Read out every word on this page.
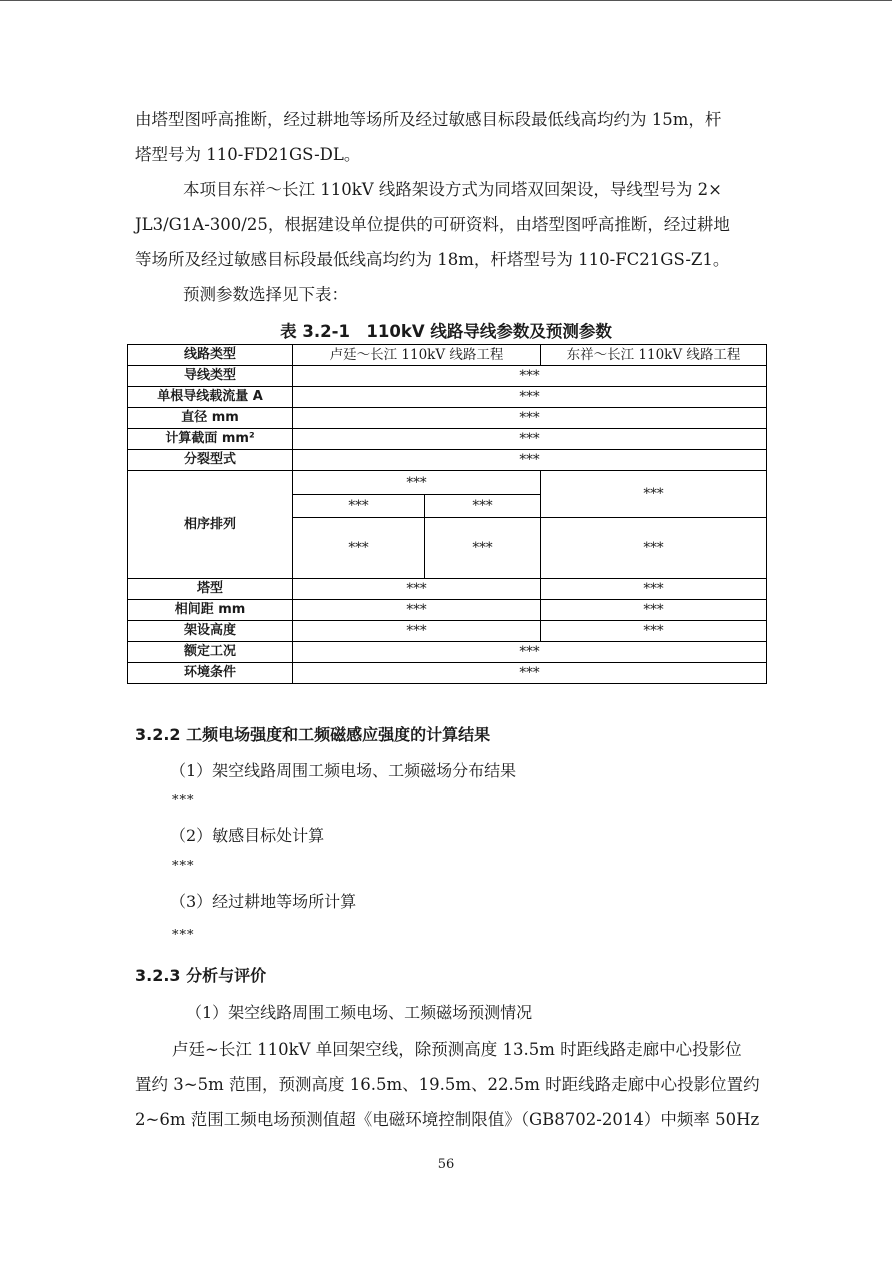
由塔型图呼高推断，经过耕地等场所及经过敏感目标段最低线高均约为 15m，杆
塔型号为 110-FD21GS-DL。
本项目东祥～长江 110kV 线路架设方式为同塔双回架设，导线型号为 2×
JL3/G1A-300/25，根据建设单位提供的可研资料，由塔型图呼高推断，经过耕地
等场所及经过敏感目标段最低线高均约为 18m，杆塔型号为 110-FC21GS-Z1。
预测参数选择见下表：
表 3.2-1　110kV 线路导线参数及预测参数
线路类型	卢廷～长江 110kV 线路工程		东祥～长江 110kV 线路工程
导线类型	***		
单根导线载流量 A	***		
直径 mm	***		
计算截面 mm²	***		
分裂型式	***		
相序排列	***		***
	***	***	
	***	***	***
塔型	***		***
相间距 mm	***		***
架设高度	***		***
额定工况	***		
环境条件	***		
3.2.2 工频电场强度和工频磁感应强度的计算结果
（1）架空线路周围工频电场、工频磁场分布结果
***
（2）敏感目标处计算
***
（3）经过耕地等场所计算
***
3.2.3 分析与评价
（1）架空线路周围工频电场、工频磁场预测情况
卢廷~长江 110kV 单回架空线，除预测高度 13.5m 时距线路走廊中心投影位
置约 3~5m 范围，预测高度 16.5m、19.5m、22.5m 时距线路走廊中心投影位置约
2~6m 范围工频电场预测值超《电磁环境控制限值》（GB8702-2014）中频率 50Hz
56
